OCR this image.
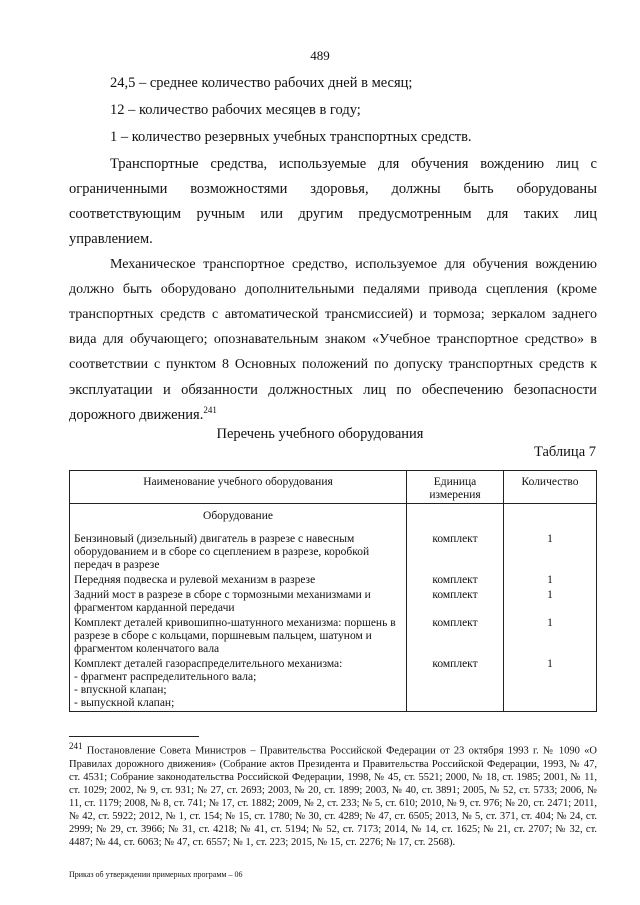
489
24,5 – среднее количество рабочих дней в месяц;
12 – количество рабочих месяцев в году;
1 – количество резервных учебных транспортных средств.
Транспортные средства, используемые для обучения вождению лиц с
ограниченными возможностями здоровья, должны быть оборудованы
соответствующим ручным или другим предусмотренным для таких лиц
управлением.
Механическое транспортное средство, используемое для обучения вождению
должно быть оборудовано дополнительными педалями привода сцепления (кроме
транспортных средств с автоматической трансмиссией) и тормоза; зеркалом заднего
вида для обучающего; опознавательным знаком «Учебное транспортное средство» в
соответствии с пунктом 8 Основных положений по допуску транспортных средств к
эксплуатации и обязанности должностных лиц по обеспечению безопасности
дорожного движения.$^{241}$
Перечень учебного оборудования
Таблица 7
Наименование учебного оборудования	Единица измерения	Количество
Оборудование		
Бензиновый (дизельный) двигатель в разрезе с навесным оборудованием и в сборе со сцеплением в разрезе, коробкой передач в разрезе	комплект	1
Передняя подвеска и рулевой механизм в разрезе	комплект	1
Задний мост в разрезе в сборе с тормозными механизмами и фрагментом карданной передачи	комплект	1
Комплект деталей кривошипно-шатунного механизма: поршень в разрезе в сборе с кольцами, поршневым пальцем, шатуном и фрагментом коленчатого вала	комплект	1

Комплект деталей газораспределительного механизма:
- фрагмент распределительного вала;
- впускной клапан;
- выпускной клапан;	комплект	1
$^{241}$ Постановление Совета Министров – Правительства Российской Федерации от 23 октября 1993 г. № 1090 «О Правилах дорожного движения» (Собрание актов Президента и Правительства Российской Федерации, 1993, № 47, ст. 4531; Собрание законодательства Российской Федерации, 1998, № 45, ст. 5521; 2000, № 18, ст. 1985; 2001, № 11, ст. 1029; 2002, № 9, ст. 931; № 27, ст. 2693; 2003, № 20, ст. 1899; 2003, № 40, ст. 3891; 2005, № 52, ст. 5733; 2006, № 11, ст. 1179; 2008, № 8, ст. 741; № 17, ст. 1882; 2009, № 2, ст. 233; № 5, ст. 610; 2010, № 9, ст. 976; № 20, ст. 2471; 2011, № 42, ст. 5922; 2012, № 1, ст. 154; № 15, ст. 1780; № 30, ст. 4289; № 47, ст. 6505; 2013, № 5, ст. 371, ст. 404; № 24, ст. 2999; № 29, ст. 3966; № 31, ст. 4218; № 41, ст. 5194; № 52, ст. 7173; 2014, № 14, ст. 1625; № 21, ст. 2707; № 32, ст. 4487; № 44, ст. 6063; № 47, ст. 6557; № 1, ст. 223; 2015, № 15, ст. 2276; № 17, ст. 2568).
Приказ об утверждении примерных программ – 06
